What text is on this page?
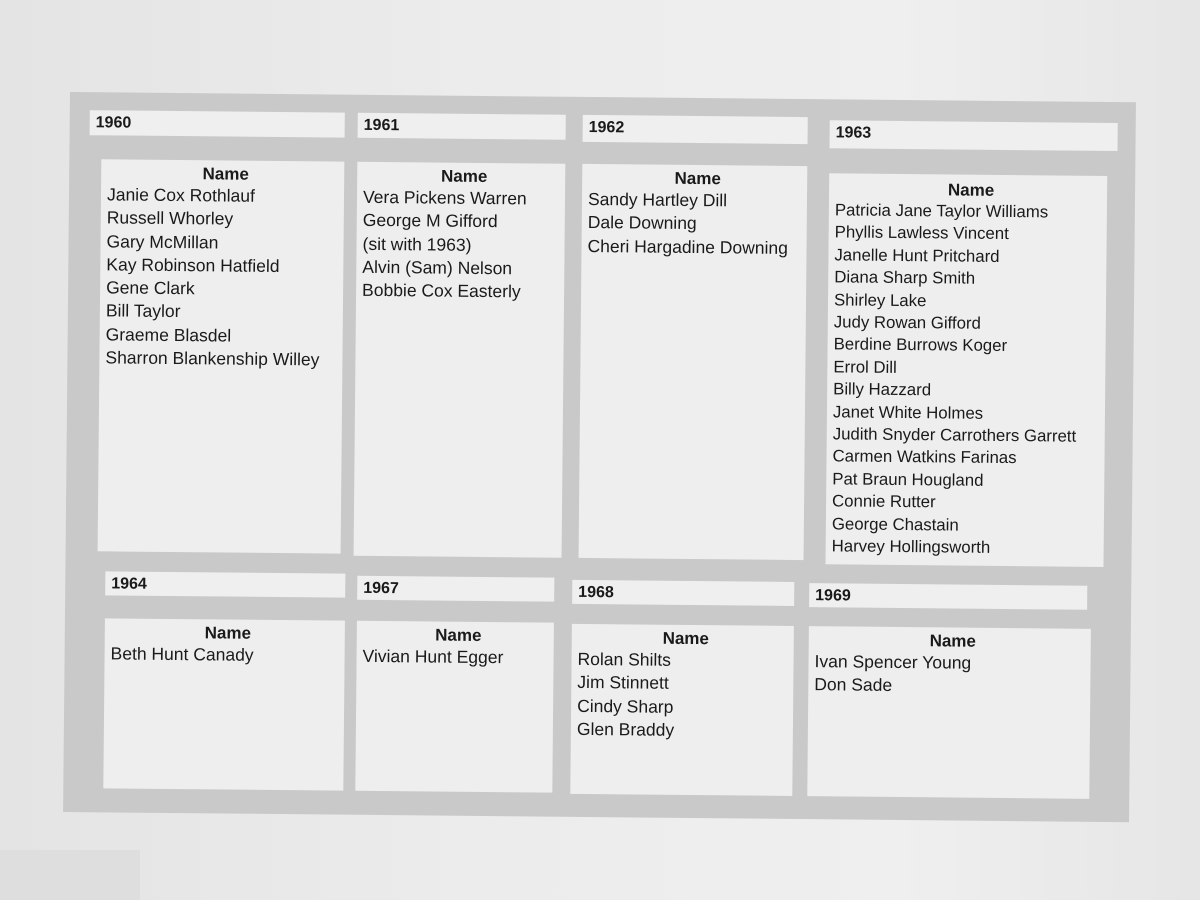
1960
Name
Janie Cox Rothlauf
Russell Whorley
Gary McMillan
Kay Robinson Hatfield
Gene Clark
Bill Taylor
Graeme Blasdel
Sharron Blankenship Willey
1961
Name
Vera Pickens Warren
George M Gifford
(sit with 1963)
Alvin (Sam) Nelson
Bobbie Cox Easterly
1962
Name
Sandy Hartley Dill
Dale Downing
Cheri Hargadine Downing
1963
Name
Patricia Jane Taylor Williams
Phyllis Lawless Vincent
Janelle Hunt Pritchard
Diana Sharp Smith
Shirley Lake
Judy Rowan Gifford
Berdine Burrows Koger
Errol Dill
Billy Hazzard
Janet White Holmes
Judith Snyder Carrothers Garrett
Carmen Watkins Farinas
Pat Braun Hougland
Connie Rutter
George Chastain
Harvey Hollingsworth
1964
Name
Beth Hunt Canady
1967
Name
Vivian Hunt Egger
1968
Name
Rolan Shilts
Jim Stinnett
Cindy Sharp
Glen Braddy
1969
Name
Ivan Spencer Young
Don Sade
